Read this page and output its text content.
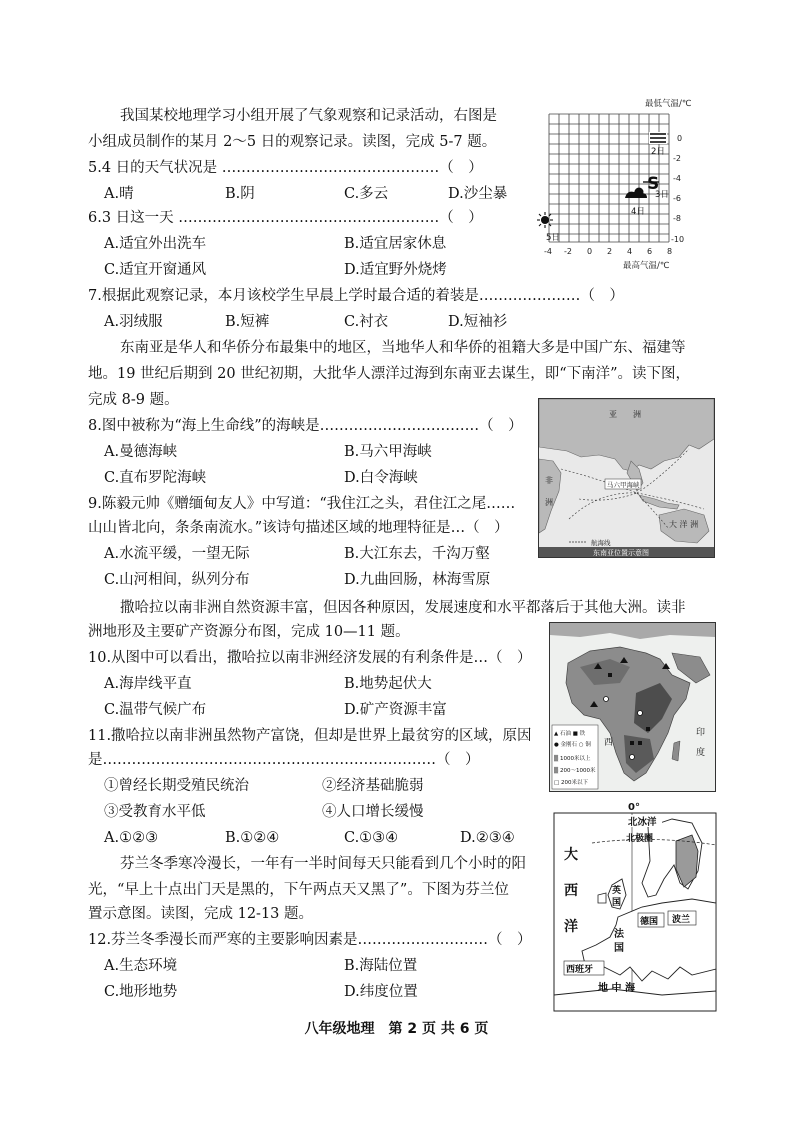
我国某校地理学习小组开展了气象观察和记录活动，右图是
小组成员制作的某月 2～5 日的观察记录。读图，完成 5-7 题。
5.4 日的天气状况是 ………………………………………（　）
A.晴	B.阴	C.多云	D.沙尘暴
6.3 日这一天 ………………………………………………（　）
A.适宜外出洗车	B.适宜居家休息
C.适宜开窗通风	D.适宜野外烧烤
7.根据此观察记录，本月该校学生早晨上学时最合适的着装是…………………（　）
A.羽绒服	B.短裤	C.衬衣	D.短袖衫
最低气温/℃
最高气温/℃
-4 -2 0 2 4 6 8
0
-2
-4
-6
-8
-10
2日
S
3日
4日
5日
东南亚是华人和华侨分布最集中的地区，当地华人和华侨的祖籍大多是中国广东、福建等
地。19 世纪后期到 20 世纪初期，大批华人漂洋过海到东南亚去谋生，即“下南洋”。读下图，
完成 8-9 题。
8.图中被称为“海上生命线”的海峡是……………………………（　）
A.曼德海峡	B.马六甲海峡
C.直布罗陀海峡	D.白令海峡
9.陈毅元帅《赠缅甸友人》中写道：“我住江之头，君住江之尾……
山山皆北向，条条南流水。”该诗句描述区域的地理特征是…（　）
A.水流平缓，一望无际	B.大江东去，千沟万壑
C.山河相间，纵列分布	D.九曲回肠，林海雪原
亚　　洲
非
洲
大 洋 洲
马六甲海峡
航海线
东南亚位置示意图
撒哈拉以南非洲自然资源丰富，但因各种原因，发展速度和水平都落后于其他大洲。读非
洲地形及主要矿产资源分布图，完成 10—11 题。
10.从图中可以看出，撒哈拉以南非洲经济发展的有利条件是…（　）
A.海岸线平直	B.地势起伏大
C.温带气候广布	D.矿产资源丰富
11.撒哈拉以南非洲虽然物产富饶，但却是世界上最贫穷的区域，原因
是……………………………………………………………（　）
①曾经长期受殖民统治	②经济基础脆弱
③受教育水平低	④人口增长缓慢
A.①②③	B.①②④	C.①③④	D.②③④
▲ 石油 ■ 铁
● 金刚石 ○ 铜
▒ 1000米以上
▒ 200～1000米
□ 200米以下
西
印
度
芬兰冬季寒冷漫长，一年有一半时间每天只能看到几个小时的阳
光，“早上十点出门天是黑的，下午两点天又黑了”。下图为芬兰位
置示意图。读图，完成 12-13 题。
12.芬兰冬季漫长而严寒的主要影响因素是………………………（　）
A.生态环境	B.海陆位置
C.地形地势	D.纬度位置
0°
北冰洋
北极圈
大
西
洋
英
国
法
国
德国 波兰
西班牙
地 中 海
八年级地理　第 2 页 共 6 页
